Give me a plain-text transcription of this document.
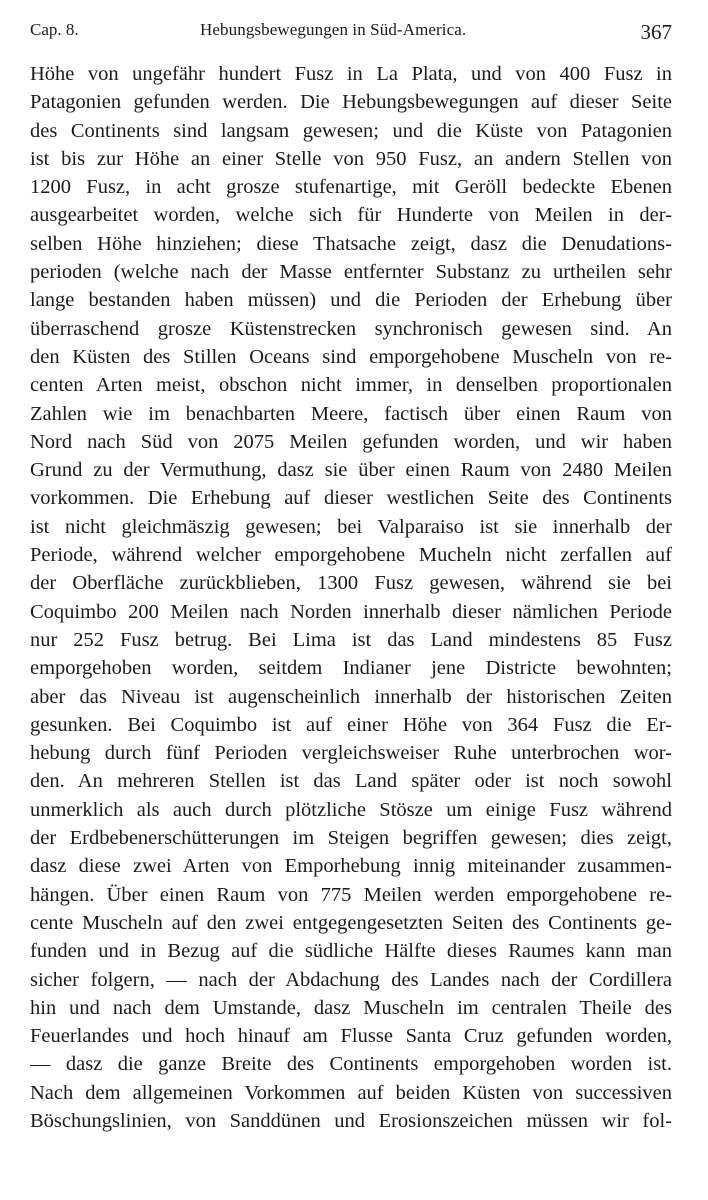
Cap. 8.	Hebungsbewegungen in Süd-America.	367
Höhe von ungefähr hundert Fusz in La Plata, und von 400 Fusz in
Patagonien gefunden werden. Die Hebungsbewegungen auf dieser Seite
des Continents sind langsam gewesen; und die Küste von Patagonien
ist bis zur Höhe an einer Stelle von 950 Fusz, an andern Stellen von
1200 Fusz, in acht grosze stufenartige, mit Geröll bedeckte Ebenen
ausgearbeitet worden, welche sich für Hunderte von Meilen in der-
selben Höhe hinziehen; diese Thatsache zeigt, dasz die Denudations-
perioden (welche nach der Masse entfernter Substanz zu urtheilen sehr
lange bestanden haben müssen) und die Perioden der Erhebung über
überraschend grosze Küstenstrecken synchronisch gewesen sind. An
den Küsten des Stillen Oceans sind emporgehobene Muscheln von re-
centen Arten meist, obschon nicht immer, in denselben proportionalen
Zahlen wie im benachbarten Meere, factisch über einen Raum von
Nord nach Süd von 2075 Meilen gefunden worden, und wir haben
Grund zu der Vermuthung, dasz sie über einen Raum von 2480 Meilen
vorkommen. Die Erhebung auf dieser westlichen Seite des Continents
ist nicht gleichmäszig gewesen; bei Valparaiso ist sie innerhalb der
Periode, während welcher emporgehobene Mucheln nicht zerfallen auf
der Oberfläche zurückblieben, 1300 Fusz gewesen, während sie bei
Coquimbo 200 Meilen nach Norden innerhalb dieser nämlichen Periode
nur 252 Fusz betrug. Bei Lima ist das Land mindestens 85 Fusz
emporgehoben worden, seitdem Indianer jene Districte bewohnten;
aber das Niveau ist augenscheinlich innerhalb der historischen Zeiten
gesunken. Bei Coquimbo ist auf einer Höhe von 364 Fusz die Er-
hebung durch fünf Perioden vergleichsweiser Ruhe unterbrochen wor-
den. An mehreren Stellen ist das Land später oder ist noch sowohl
unmerklich als auch durch plötzliche Stösze um einige Fusz während
der Erdbebenerschütterungen im Steigen begriffen gewesen; dies zeigt,
dasz diese zwei Arten von Emporhebung innig miteinander zusammen-
hängen. Über einen Raum von 775 Meilen werden emporgehobene re-
cente Muscheln auf den zwei entgegengesetzten Seiten des Continents ge-
funden und in Bezug auf die südliche Hälfte dieses Raumes kann man
sicher folgern, — nach der Abdachung des Landes nach der Cordillera
hin und nach dem Umstande, dasz Muscheln im centralen Theile des
Feuerlandes und hoch hinauf am Flusse Santa Cruz gefunden worden,
— dasz die ganze Breite des Continents emporgehoben worden ist.
Nach dem allgemeinen Vorkommen auf beiden Küsten von successiven
Böschungslinien, von Sanddünen und Erosionszeichen müssen wir fol-
